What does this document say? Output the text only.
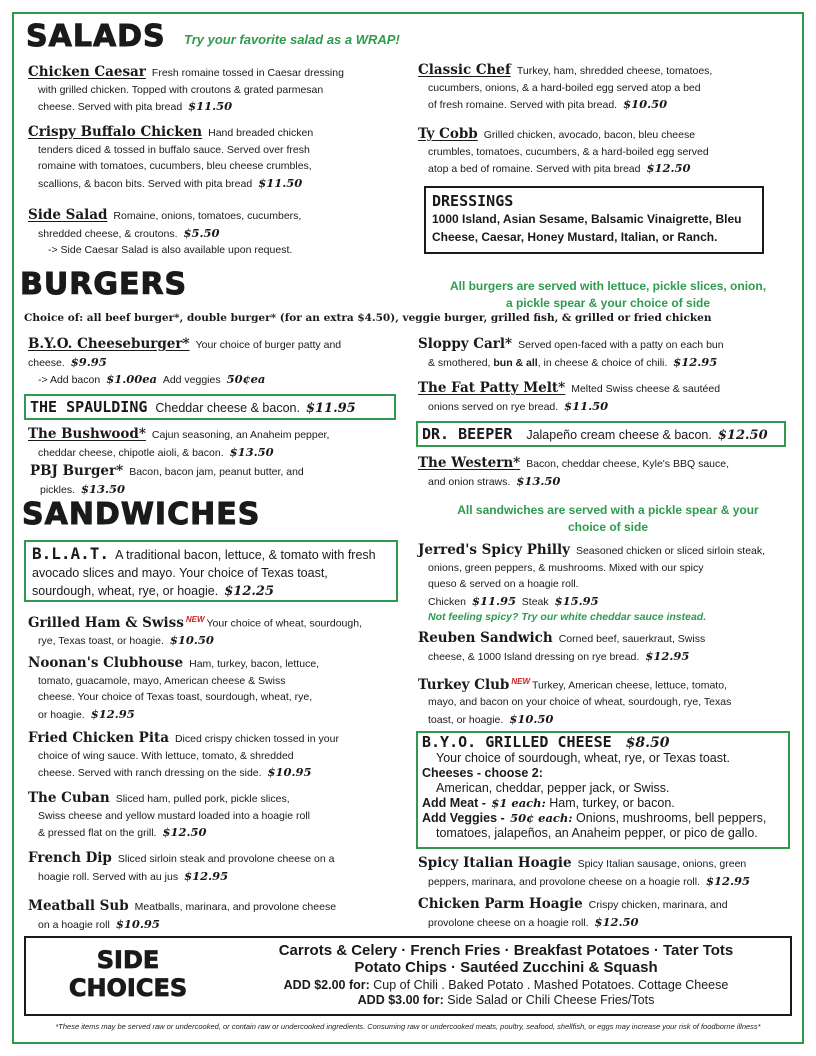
SALADS Try your favorite salad as a WRAP!
Chicken Caesar Fresh romaine tossed in Caesar dressing
with grilled chicken. Topped with croutons & grated parmesan
cheese. Served with pita bread $11.50
Crispy Buffalo Chicken Hand breaded chicken
tenders diced & tossed in buffalo sauce. Served over fresh
romaine with tomatoes, cucumbers, bleu cheese crumbles,
scallions, & bacon bits. Served with pita bread $11.50
Side Salad Romaine, onions, tomatoes, cucumbers,
shredded cheese, & croutons. $5.50
-> Side Caesar Salad is also available upon request.
Classic Chef Turkey, ham, shredded cheese, tomatoes,
cucumbers, onions, & a hard-boiled egg served atop a bed
of fresh romaine. Served with pita bread. $10.50
Ty Cobb Grilled chicken, avocado, bacon, bleu cheese
crumbles, tomatoes, cucumbers, & a hard-boiled egg served
atop a bed of romaine. Served with pita bread $12.50
DRESSINGS
1000 Island, Asian Sesame, Balsamic Vinaigrette, Bleu
Cheese, Caesar, Honey Mustard, Italian, or Ranch.
BURGERS	All burgers are served with lettuce, pickle slices, onion,
a pickle spear & your choice of side
Choice of: all beef burger*, double burger* (for an extra $4.50), veggie burger, grilled fish, & grilled or fried chicken
B.Y.O. Cheeseburger* Your choice of burger patty and
cheese. $9.95
-> Add bacon $1.00ea Add veggies 50¢ea
THE SPAULDING Cheddar cheese & bacon. $11.95
The Bushwood* Cajun seasoning, an Anaheim pepper,
cheddar cheese, chipotle aioli, & bacon. $13.50
PBJ Burger* Bacon, bacon jam, peanut butter, and
pickles. $13.50
Sloppy Carl* Served open-faced with a patty on each bun
& smothered, bun & all, in cheese & choice of chili. $12.95
The Fat Patty Melt* Melted Swiss cheese & sautéed
onions served on rye bread. $11.50
DR. BEEPER Jalapeño cream cheese & bacon. $12.50
The Western* Bacon, cheddar cheese, Kyle's BBQ sauce,
and onion straws. $13.50
SANDWICHES	All sandwiches are served with a pickle spear & your
choice of side
B.L.A.T. A traditional bacon, lettuce, & tomato with fresh
avocado slices and mayo. Your choice of Texas toast,
sourdough, wheat, rye, or hoagie. $12.25
Grilled Ham & Swiss $^{NEW}$ Your choice of wheat, sourdough,
rye, Texas toast, or hoagie. $10.50
Noonan's Clubhouse Ham, turkey, bacon, lettuce,
tomato, guacamole, mayo, American cheese & Swiss
cheese. Your choice of Texas toast, sourdough, wheat, rye,
or hoagie. $12.95
Fried Chicken Pita Diced crispy chicken tossed in your
choice of wing sauce. With lettuce, tomato, & shredded
cheese. Served with ranch dressing on the side. $10.95
The Cuban Sliced ham, pulled pork, pickle slices,
Swiss cheese and yellow mustard loaded into a hoagie roll
& pressed flat on the grill. $12.50
French Dip Sliced sirloin steak and provolone cheese on a
hoagie roll. Served with au jus $12.95
Meatball Sub Meatballs, marinara, and provolone cheese
on a hoagie roll $10.95
Jerred's Spicy Philly Seasoned chicken or sliced sirloin steak,
onions, green peppers, & mushrooms. Mixed with our spicy
queso & served on a hoagie roll.
Chicken $11.95 Steak $15.95
Not feeling spicy? Try our white cheddar sauce instead.
Reuben Sandwich Corned beef, sauerkraut, Swiss
cheese, & 1000 Island dressing on rye bread. $12.95
Turkey Club $^{NEW}$ Turkey, American cheese, lettuce, tomato,
mayo, and bacon on your choice of wheat, sourdough, rye, Texas
toast, or hoagie. $10.50
B.Y.O. GRILLED CHEESE $8.50
Your choice of sourdough, wheat, rye, or Texas toast.
Cheeses - choose 2:
American, cheddar, pepper jack, or Swiss.
Add Meat - $1 each: Ham, turkey, or bacon.
Add Veggies - 50¢ each: Onions, mushrooms, bell peppers,
tomatoes, jalapeños, an Anaheim pepper, or pico de gallo.
Spicy Italian Hoagie Spicy Italian sausage, onions, green
peppers, marinara, and provolone cheese on a hoagie roll. $12.95
Chicken Parm Hoagie Crispy chicken, marinara, and
provolone cheese on a hoagie roll. $12.50
SIDE
CHOICES
Carrots & Celery · French Fries · Breakfast Potatoes · Tater Tots
Potato Chips · Sautéed Zucchini & Squash
ADD $2.00 for: Cup of Chili . Baked Potato . Mashed Potatoes. Cottage Cheese
ADD $3.00 for: Side Salad or Chili Cheese Fries/Tots
*These items may be served raw or undercooked, or contain raw or undercooked ingredients. Consuming raw or undercooked meats, poultry, seafood, shellfish, or eggs may increase your risk of foodborne illness*
